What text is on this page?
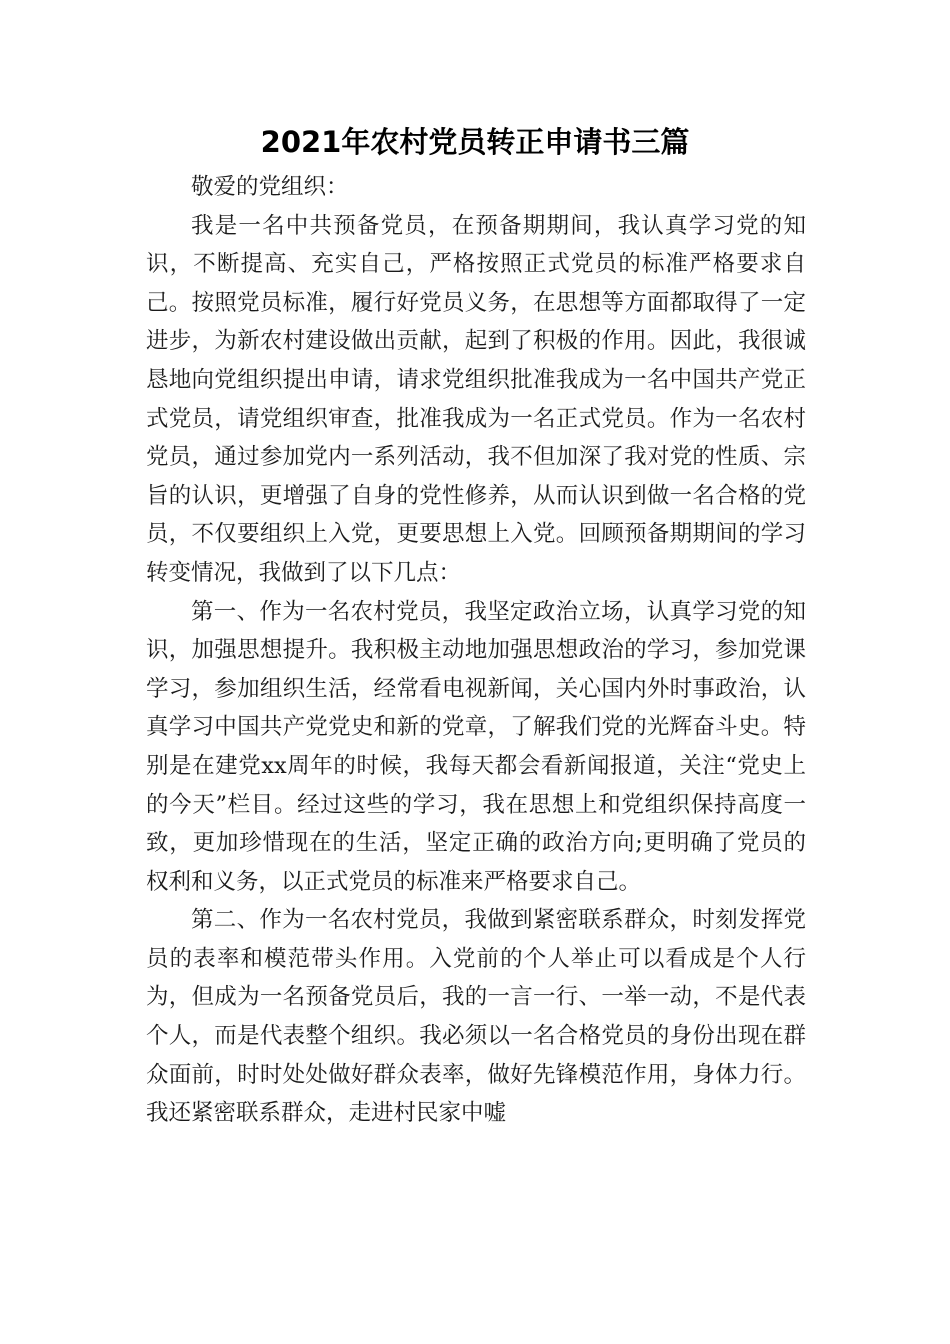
2021年农村党员转正申请书三篇

敬爱的党组织：

我是一名中共预备党员，在预备期期间，我认真学习党的知识，不断提高、充实自己，严格按照正式党员的标准严格要求自己。按照党员标准，履行好党员义务，在思想等方面都取得了一定进步，为新农村建设做出贡献，起到了积极的作用。因此，我很诚恳地向党组织提出申请，请求党组织批准我成为一名中国共产党正式党员，请党组织审查，批准我成为一名正式党员。作为一名农村党员，通过参加党内一系列活动，我不但加深了我对党的性质、宗旨的认识，更增强了自身的党性修养，从而认识到做一名合格的党员，不仅要组织上入党，更要思想上入党。回顾预备期期间的学习转变情况，我做到了以下几点：

第一、作为一名农村党员，我坚定政治立场，认真学习党的知识，加强思想提升。我积极主动地加强思想政治的学习，参加党课学习，参加组织生活，经常看电视新闻，关心国内外时事政治，认真学习中国共产党党史和新的党章，了解我们党的光辉奋斗史。特别是在建党xx周年的时候，我每天都会看新闻报道，关注“党史上的今天”栏目。经过这些的学习，我在思想上和党组织保持高度一致，更加珍惜现在的生活，坚定正确的政治方向;更明确了党员的权利和义务，以正式党员的标准来严格要求自己。

第二、作为一名农村党员，我做到紧密联系群众，时刻发挥党员的表率和模范带头作用。入党前的个人举止可以看成是个人行为，但成为一名预备党员后，我的一言一行、一举一动，不是代表个人，而是代表整个组织。我必须以一名合格党员的身份出现在群众面前，时时处处做好群众表率，做好先锋模范作用，身体力行。我还紧密联系群众，走进村民家中嘘
